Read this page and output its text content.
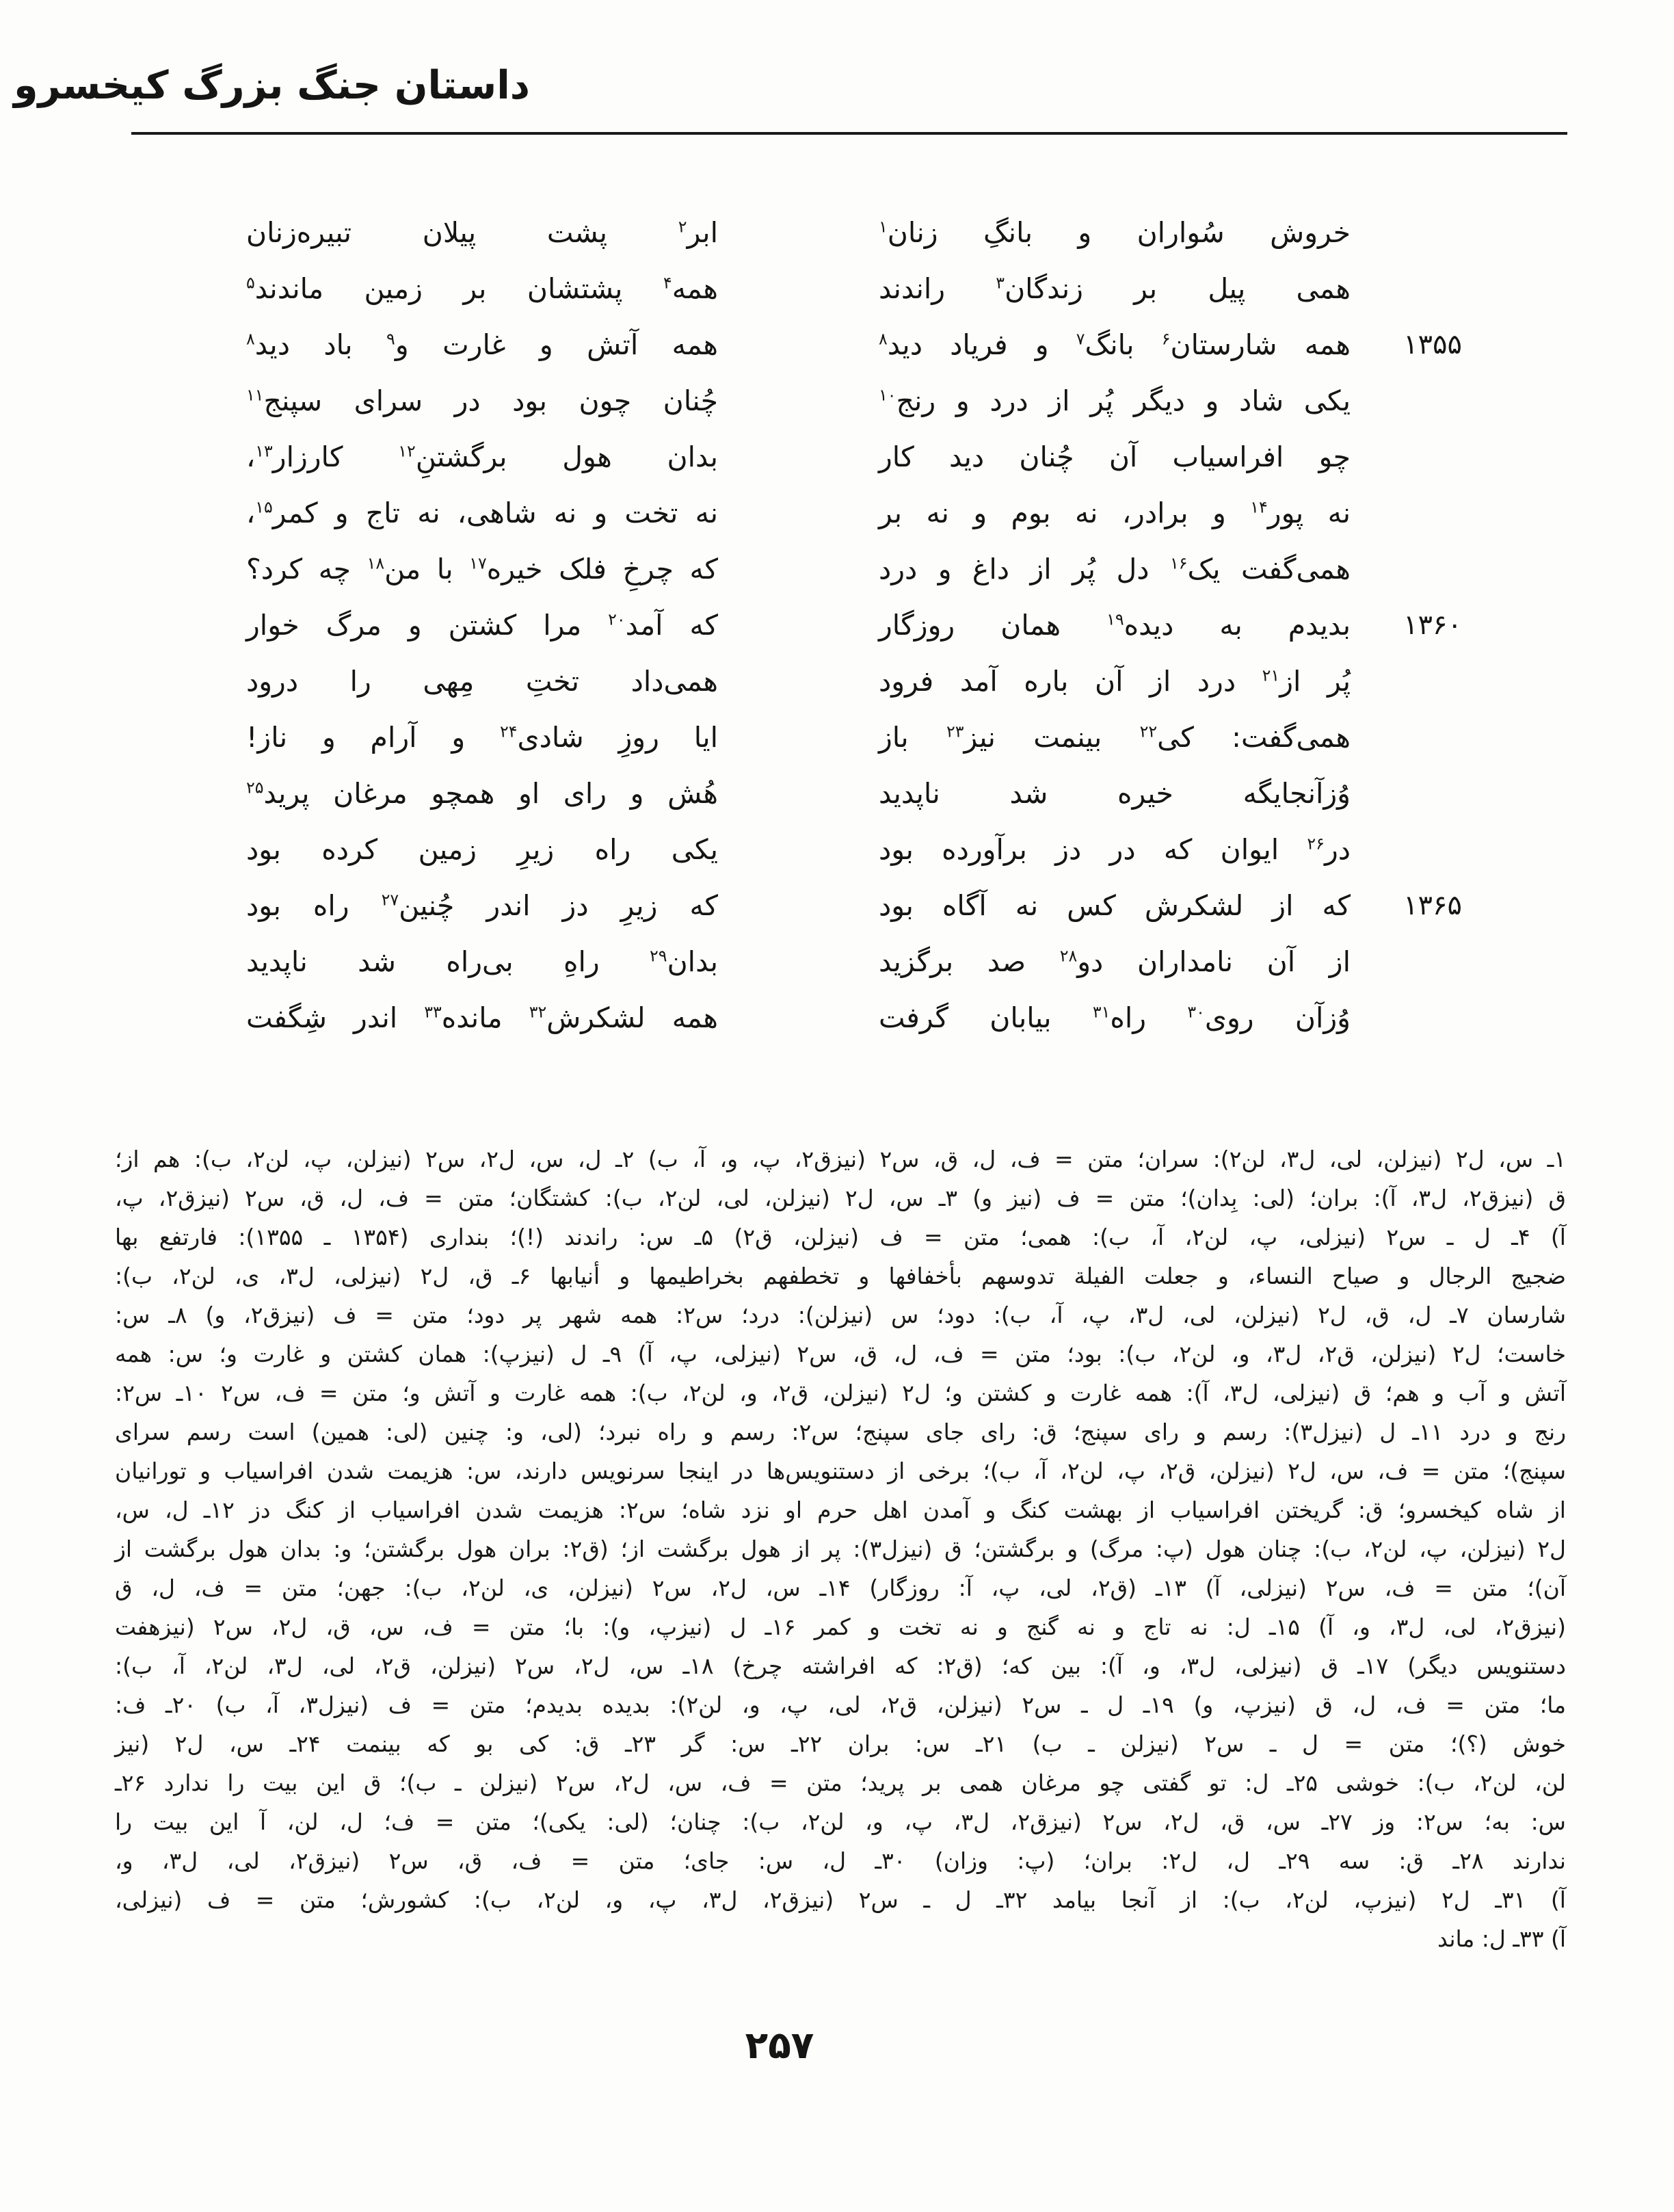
داستان جنگ بزرگ کیخسرو
خروش سُواران و بانگِ زنان$^۱$
ابر$^۲$ پشت پیلان تبیره‌زنان
همی پیل بر زندگان$^۳$ راندند
همه$^۴$ پشتشان بر زمین ماندند$^۵$
۱۳۵۵
همه شارستان$^۶$ بانگ$^۷$ و فریاد دید$^۸$
همه آتش و غارت و$^۹$ باد دید$^۸$
یکی شاد و دیگر پُر از درد و رنج$^{۱۰}$
چُنان چون بود در سرای سپنج$^{۱۱}$
چو افراسیاب آن چُنان دید کار
بدان هول برگشتنِ$^{۱۲}$ کارزار$^{۱۳}$،
نه پور$^{۱۴}$ و برادر، نه بوم و نه بر
نه تخت و نه شاهی، نه تاج و کمر$^{۱۵}$،
همی‌گفت یک$^{۱۶}$ دل پُر از داغ و درد
که چرخِ فلک خیره$^{۱۷}$ با من$^{۱۸}$ چه کرد؟
۱۳۶۰
بدیدم به دیده$^{۱۹}$ همان روزگار
که آمد$^{۲۰}$ مرا کشتن و مرگ خوار
پُر از$^{۲۱}$ درد از آن باره آمد فرود
همی‌داد تختِ مِهی را درود
همی‌گفت: کی$^{۲۲}$ بینمت نیز$^{۲۳}$ باز
ایا روزِ شادی$^{۲۴}$ و آرام و ناز!
وُزآنجایگه خیره شد ناپدید
هُش و رای او همچو مرغان پرید$^{۲۵}$
در$^{۲۶}$ ایوان که در دز برآورده بود
یکی راه زیرِ زمین کرده بود
۱۳۶۵
که از لشکرش کس نه آگاه بود
که زیرِ دز اندر چُنین$^{۲۷}$ راه بود
از آن نامداران دو$^{۲۸}$ صد برگزید
بدان$^{۲۹}$ راهِ بی‌راه شد ناپدید
وُزآن روی$^{۳۰}$ راه$^{۳۱}$ بیابان گرفت
همه لشکرش$^{۳۲}$ مانده$^{۳۳}$ اندر شِگفت
۱ـ س، ل۲ (نیزلن، لی، ل۳، لن۲): سران؛ متن = ف، ل، ق، س۲ (نیزق۲، پ، و، آ، ب) ۲ـ ل، س، ل۲، س۲ (نیزلن، پ، لن۲، ب): هم از؛
ق (نیزق۲، ل۳، آ): بران؛ (لی: بِدان)؛ متن = ف (نیز و) ۳ـ س، ل۲ (نیزلن، لی، لن۲، ب): کشتگان؛ متن = ف، ل، ق، س۲ (نیزق۲، پ،
آ) ۴ـ ل ـ س۲ (نیزلی، پ، لن۲، آ، ب): همی؛ متن = ف (نیزلن، ق۲) ۵ـ س: راندند (!)؛ بنداری (۱۳۵۴ ـ ۱۳۵۵): فارتفع بها
ضجیج الرجال و صیاح النساء، و جعلت الفیلة تدوسهم بأخفافها و تخطفهم بخراطیمها و أنیابها ۶ـ ق، ل۲ (نیزلی، ل۳، ی، لن۲، ب):
شارسان ۷ـ ل، ق، ل۲ (نیزلن، لی، ل۳، پ، آ، ب): دود؛ س (نیزلن): درد؛ س۲: همه شهر پر دود؛ متن = ف (نیزق۲، و) ۸ـ س:
خاست؛ ل۲ (نیزلن، ق۲، ل۳، و، لن۲، ب): بود؛ متن = ف، ل، ق، س۲ (نیزلی، پ، آ) ۹ـ ل (نیزپ): همان کشتن و غارت و؛ س: همه
آتش و آب و هم؛ ق (نیزلی، ل۳، آ): همه غارت و کشتن و؛ ل۲ (نیزلن، ق۲، و، لن۲، ب): همه غارت و آتش و؛ متن = ف، س۲ ۱۰ـ س۲:
رنج و درد ۱۱ـ ل (نیزل۳): رسم و رای سپنج؛ ق: رای جای سپنج؛ س۲: رسم و راه نبرد؛ (لی، و: چنین (لی: همین) است رسم سرای
سپنج)؛ متن = ف، س، ل۲ (نیزلن، ق۲، پ، لن۲، آ، ب)؛ برخی از دستنویس‌ها در اینجا سرنویس دارند، س: هزیمت شدن افراسیاب و تورانیان
از شاه کیخسرو؛ ق: گریختن افراسیاب از بهشت کنگ و آمدن اهل حرم او نزد شاه؛ س۲: هزیمت شدن افراسیاب از کنگ دز ۱۲ـ ل، س،
ل۲ (نیزلن، پ، لن۲، ب): چنان هول (پ: مرگ) و برگشتن؛ ق (نیزل۳): پر از هول برگشت از؛ (ق۲: بران هول برگشتن؛ و: بدان هول برگشت از
آن)؛ متن = ف، س۲ (نیزلی، آ) ۱۳ـ (ق۲، لی، پ، آ: روزگار) ۱۴ـ س، ل۲، س۲ (نیزلن، ی، لن۲، ب): جهن؛ متن = ف، ل، ق
(نیزق۲، لی، ل۳، و، آ) ۱۵ـ ل: نه تاج و نه گنج و نه تخت و کمر ۱۶ـ ل (نیزپ، و): با؛ متن = ف، س، ق، ل۲، س۲ (نیزهفت
دستنویس دیگر) ۱۷ـ ق (نیزلی، ل۳، و، آ): بین که؛ (ق۲: که افراشته چرخ) ۱۸ـ س، ل۲، س۲ (نیزلن، ق۲، لی، ل۳، لن۲، آ، ب):
ما؛ متن = ف، ل، ق (نیزپ، و) ۱۹ـ ل ـ س۲ (نیزلن، ق۲، لی، پ، و، لن۲): بدیده بدیدم؛ متن = ف (نیزل۳، آ، ب) ۲۰ـ ف:
خوش (؟)؛ متن = ل ـ س۲ (نیزلن ـ ب) ۲۱ـ س: بران ۲۲ـ س: گر ۲۳ـ ق: کی بو که بینمت ۲۴ـ س، ل۲ (نیز
لن، لن۲، ب): خوشی ۲۵ـ ل: تو گفتی چو مرغان همی بر پرید؛ متن = ف، س، ل۲، س۲ (نیزلن ـ ب)؛ ق این بیت را ندارد ۲۶ـ
س: به؛ س۲: وز ۲۷ـ س، ق، ل۲، س۲ (نیزق۲، ل۳، پ، و، لن۲، ب): چنان؛ (لی: یکی)؛ متن = ف؛ ل، لن، آ این بیت را
ندارند ۲۸ـ ق: سه ۲۹ـ ل، ل۲: بران؛ (پ: وزان) ۳۰ـ ل، س: جای؛ متن = ف، ق، س۲ (نیزق۲، لی، ل۳، و،
آ) ۳۱ـ ل۲ (نیزپ، لن۲، ب): از آنجا بیامد ۳۲ـ ل ـ س۲ (نیزق۲، ل۳، پ، و، لن۲، ب): کشورش؛ متن = ف (نیزلی،
آ) ۳۳ـ ل: ماند
۲۵۷
